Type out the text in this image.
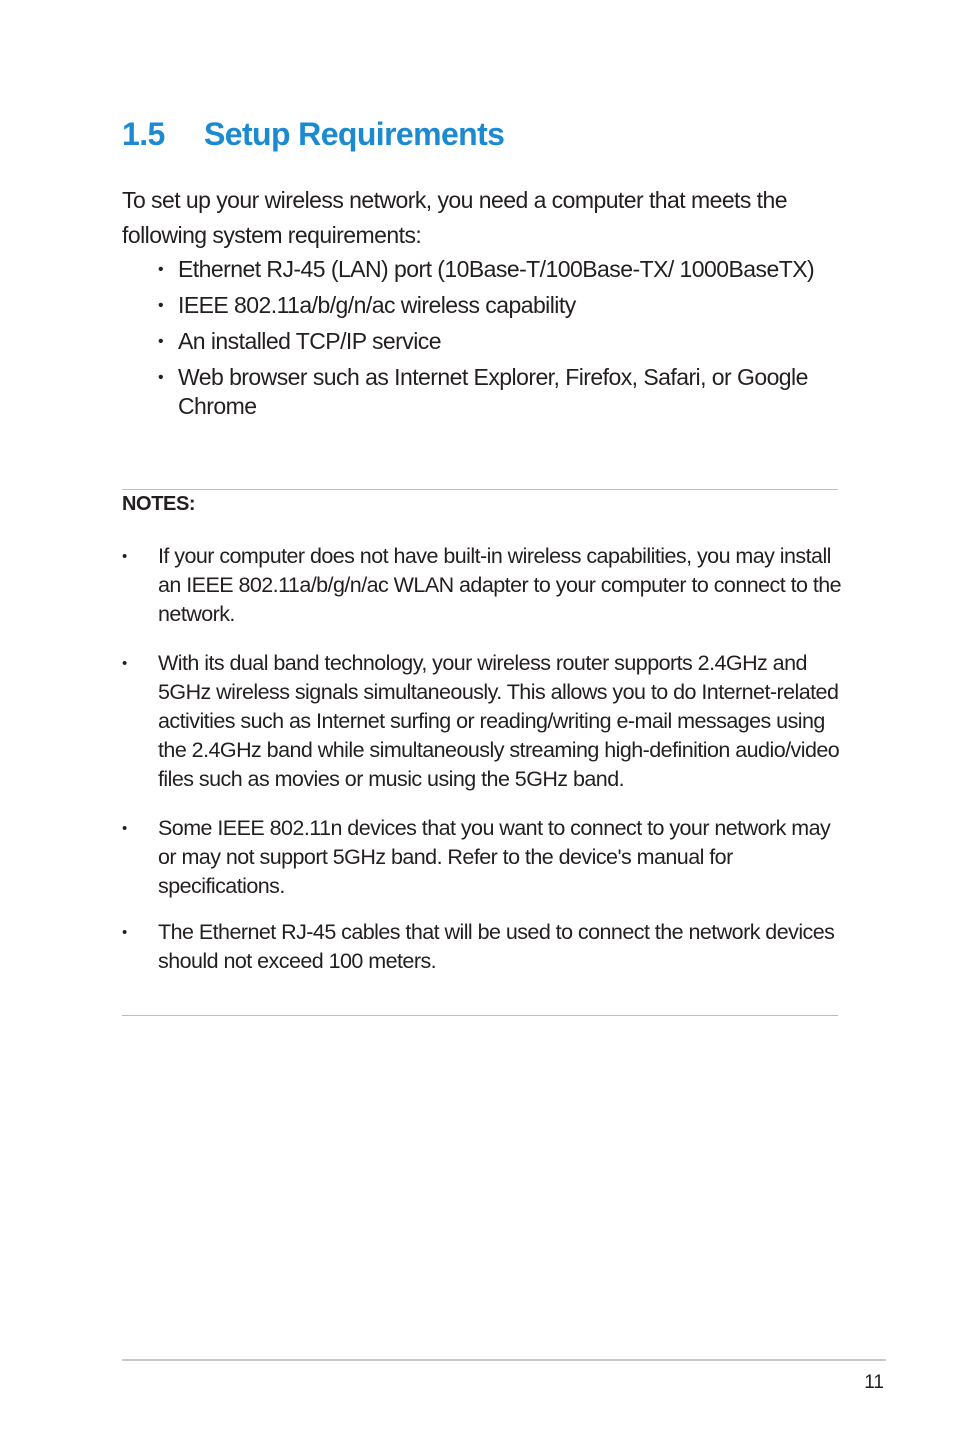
1.5 Setup Requirements

To set up your wireless network, you need a computer that meets the following system requirements:

• Ethernet RJ-45 (LAN) port (10Base-T/100Base-TX/ 1000BaseTX)
• IEEE 802.11a/b/g/n/ac wireless capability
• An installed TCP/IP service
• Web browser such as Internet Explorer, Firefox, Safari, or Google Chrome

NOTES:

• If your computer does not have built-in wireless capabilities, you may install an IEEE 802.11a/b/g/n/ac WLAN adapter to your computer to connect to the network.
• With its dual band technology, your wireless router supports 2.4GHz and 5GHz wireless signals simultaneously. This allows you to do Internet-related activities such as Internet surfing or reading/writing e-mail messages using the 2.4GHz band while simultaneously streaming high-definition audio/video files such as movies or music using the 5GHz band.
• Some IEEE 802.11n devices that you want to connect to your network may or may not support 5GHz band. Refer to the device's manual for specifications.
• The Ethernet RJ-45 cables that will be used to connect the network devices should not exceed 100 meters.
11
